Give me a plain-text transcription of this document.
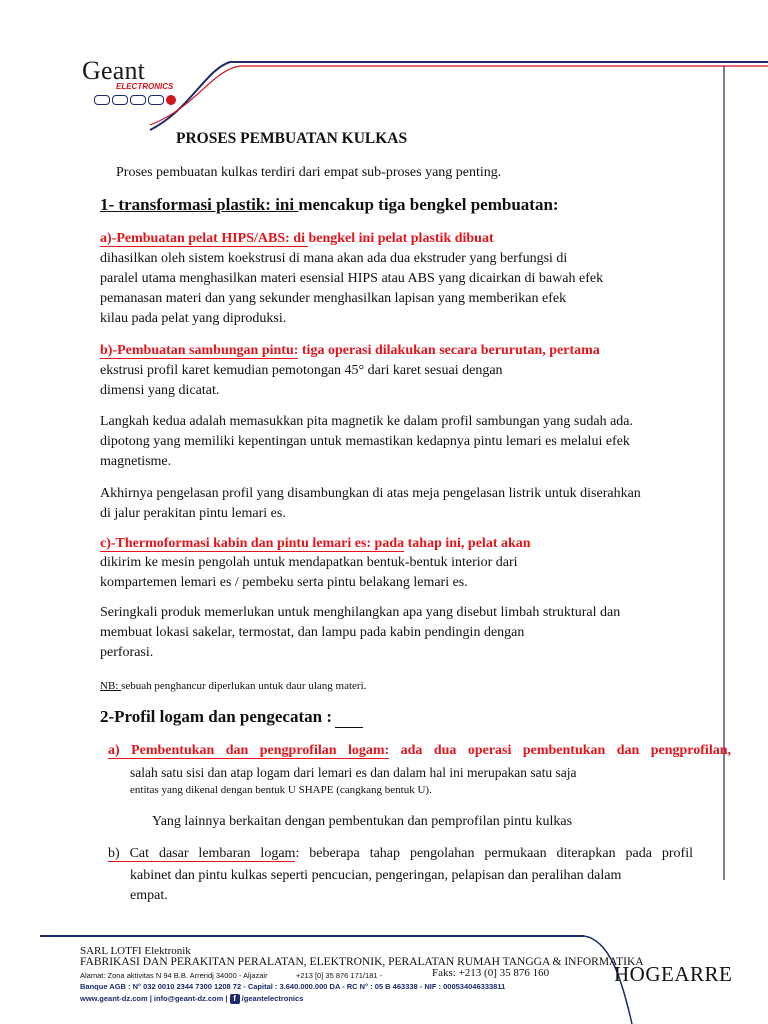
Geant
ELECTRONICS
PROSES PEMBUATAN KULKAS
Proses pembuatan kulkas terdiri dari empat sub-proses yang penting.
1- transformasi plastik: ini mencakup tiga bengkel pembuatan:
a)-Pembuatan pelat HIPS/ABS: di bengkel ini pelat plastik dibuat
dihasilkan oleh sistem koekstrusi di mana akan ada dua ekstruder yang berfungsi di
paralel utama menghasilkan materi esensial HIPS atau ABS yang dicairkan di bawah efek
pemanasan materi dan yang sekunder menghasilkan lapisan yang memberikan efek
kilau pada pelat yang diproduksi.
b)-Pembuatan sambungan pintu: tiga operasi dilakukan secara berurutan, pertama
ekstrusi profil karet kemudian pemotongan 45° dari karet sesuai dengan
dimensi yang dicatat.
Langkah kedua adalah memasukkan pita magnetik ke dalam profil sambungan yang sudah ada.
dipotong yang memiliki kepentingan untuk memastikan kedapnya pintu lemari es melalui efek
magnetisme.
Akhirnya pengelasan profil yang disambungkan di atas meja pengelasan listrik untuk diserahkan
di jalur perakitan pintu lemari es.
c)-Thermoformasi kabin dan pintu lemari es: pada tahap ini, pelat akan
dikirim ke mesin pengolah untuk mendapatkan bentuk-bentuk interior dari
kompartemen lemari es / pembeku serta pintu belakang lemari es.
Seringkali produk memerlukan untuk menghilangkan apa yang disebut limbah struktural dan
membuat lokasi sakelar, termostat, dan lampu pada kabin pendingin dengan
perforasi.
NB: sebuah penghancur diperlukan untuk daur ulang materi.
2-Profil logam dan pengecatan :
a) Pembentukan dan pengprofilan logam: ada dua operasi pembentukan dan pengprofilan,
salah satu sisi dan atap logam dari lemari es dan dalam hal ini merupakan satu saja
entitas yang dikenal dengan bentuk U SHAPE (cangkang bentuk U).
Yang lainnya berkaitan dengan pembentukan dan pemprofilan pintu kulkas
b) Cat dasar lembaran logam: beberapa tahap pengolahan permukaan diterapkan pada profil
kabinet dan pintu kulkas seperti pencucian, pengeringan, pelapisan dan peralihan dalam
empat.
SARL LOTFI Elektronik
FABRIKASI DAN PERAKITAN PERALATAN, ELEKTRONIK, PERALATAN RUMAH TANGGA & INFORMATIKA
Alamat: Zona aktivitas N 94 B.B. Arreridj 34000 - Aljazair	+213 [0] 35 876 171/181 -	Faks: +213 (0] 35 876 160
Banque AGB : N° 032 0010 2344 7300 1208 72 - Capital : 3.640.000.000 DA - RC N° : 05 B 463338 - NIF : 000534046333811
www.geant-dz.com | info@geant-dz.com | f /geantelectronics
HOGEARRE
